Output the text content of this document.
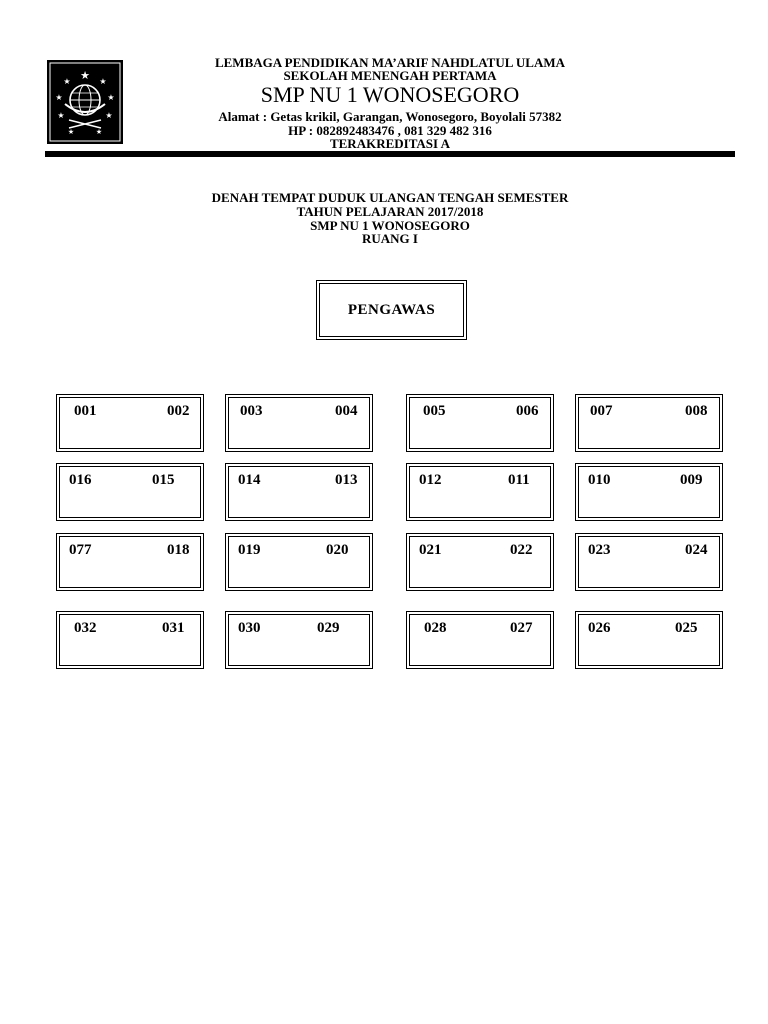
★
★	★
★	★
★	★
★	★
LEMBAGA PENDIDIKAN MA’ARIF NAHDLATUL ULAMA
SEKOLAH MENENGAH PERTAMA
SMP NU 1 WONOSEGORO
Alamat : Getas krikil, Garangan, Wonosegoro, Boyolali 57382
HP : 082892483476 , 081 329 482 316
TERAKREDITASI A
DENAH TEMPAT DUDUK ULANGAN TENGAH SEMESTER
TAHUN PELAJARAN 2017/2018
SMP NU 1 WONOSEGORO
RUANG I
PENGAWAS
001	002	003	004	005	006	007	008
016	015	014	013	012	011	010	009
077	018	019	020	021	022	023	024
032	031	030	029	028	027	026	025
